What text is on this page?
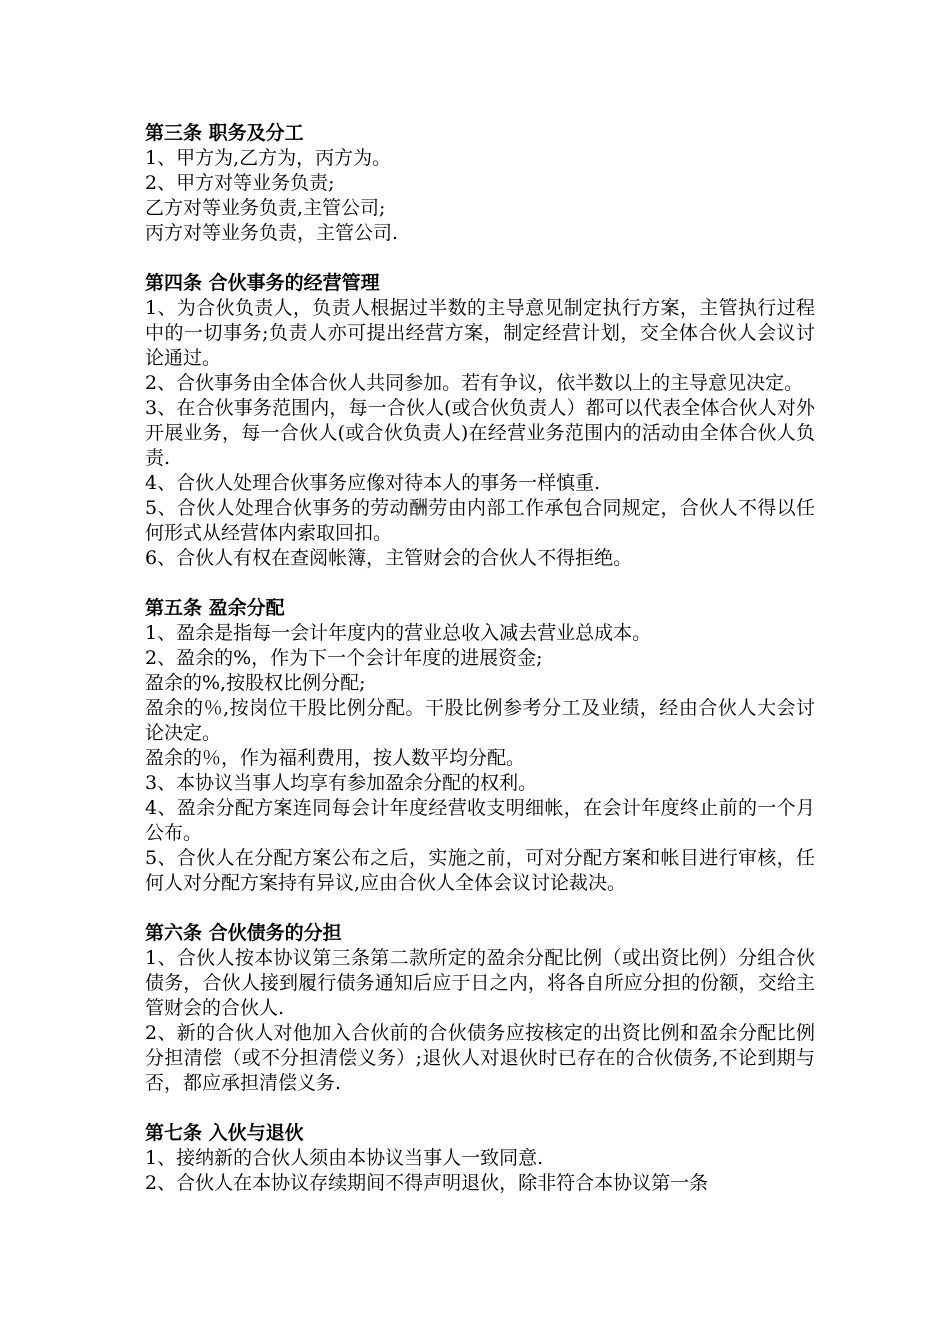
第三条 职务及分工

1、甲方为,乙方为，丙方为。

2、甲方对等业务负责;

乙方对等业务负责,主管公司;

丙方对等业务负责，主管公司.

第四条 合伙事务的经营管理

1、为合伙负责人，负责人根据过半数的主导意见制定执行方案，主管执行过程中的一切事务;负责人亦可提出经营方案，制定经营计划，交全体合伙人会议讨论通过。

2、合伙事务由全体合伙人共同参加。若有争议，依半数以上的主导意见决定。

3、在合伙事务范围内，每一合伙人(或合伙负责人）都可以代表全体合伙人对外开展业务，每一合伙人(或合伙负责人)在经营业务范围内的活动由全体合伙人负责.

4、合伙人处理合伙事务应像对待本人的事务一样慎重.

5、合伙人处理合伙事务的劳动酬劳由内部工作承包合同规定，合伙人不得以任何形式从经营体内索取回扣。

6、合伙人有权在查阅帐簿，主管财会的合伙人不得拒绝。

第五条 盈余分配

1、盈余是指每一会计年度内的营业总收入减去营业总成本。

2、盈余的%，作为下一个会计年度的进展资金;

盈余的%,按股权比例分配;

盈余的％,按岗位干股比例分配。干股比例参考分工及业绩，经由合伙人大会讨论决定。

盈余的％，作为福利费用，按人数平均分配。

3、本协议当事人均享有参加盈余分配的权利。

4、盈余分配方案连同每会计年度经营收支明细帐，在会计年度终止前的一个月公布。

5、合伙人在分配方案公布之后，实施之前，可对分配方案和帐目进行审核，任何人对分配方案持有异议,应由合伙人全体会议讨论裁决。

第六条 合伙债务的分担

1、合伙人按本协议第三条第二款所定的盈余分配比例（或出资比例）分组合伙债务，合伙人接到履行债务通知后应于日之内，将各自所应分担的份额，交给主管财会的合伙人.

2、新的合伙人对他加入合伙前的合伙债务应按核定的出资比例和盈余分配比例分担清偿（或不分担清偿义务）;退伙人对退伙时已存在的合伙债务,不论到期与否，都应承担清偿义务.

第七条 入伙与退伙

1、接纳新的合伙人须由本协议当事人一致同意.

2、合伙人在本协议存续期间不得声明退伙，除非符合本协议第一条
